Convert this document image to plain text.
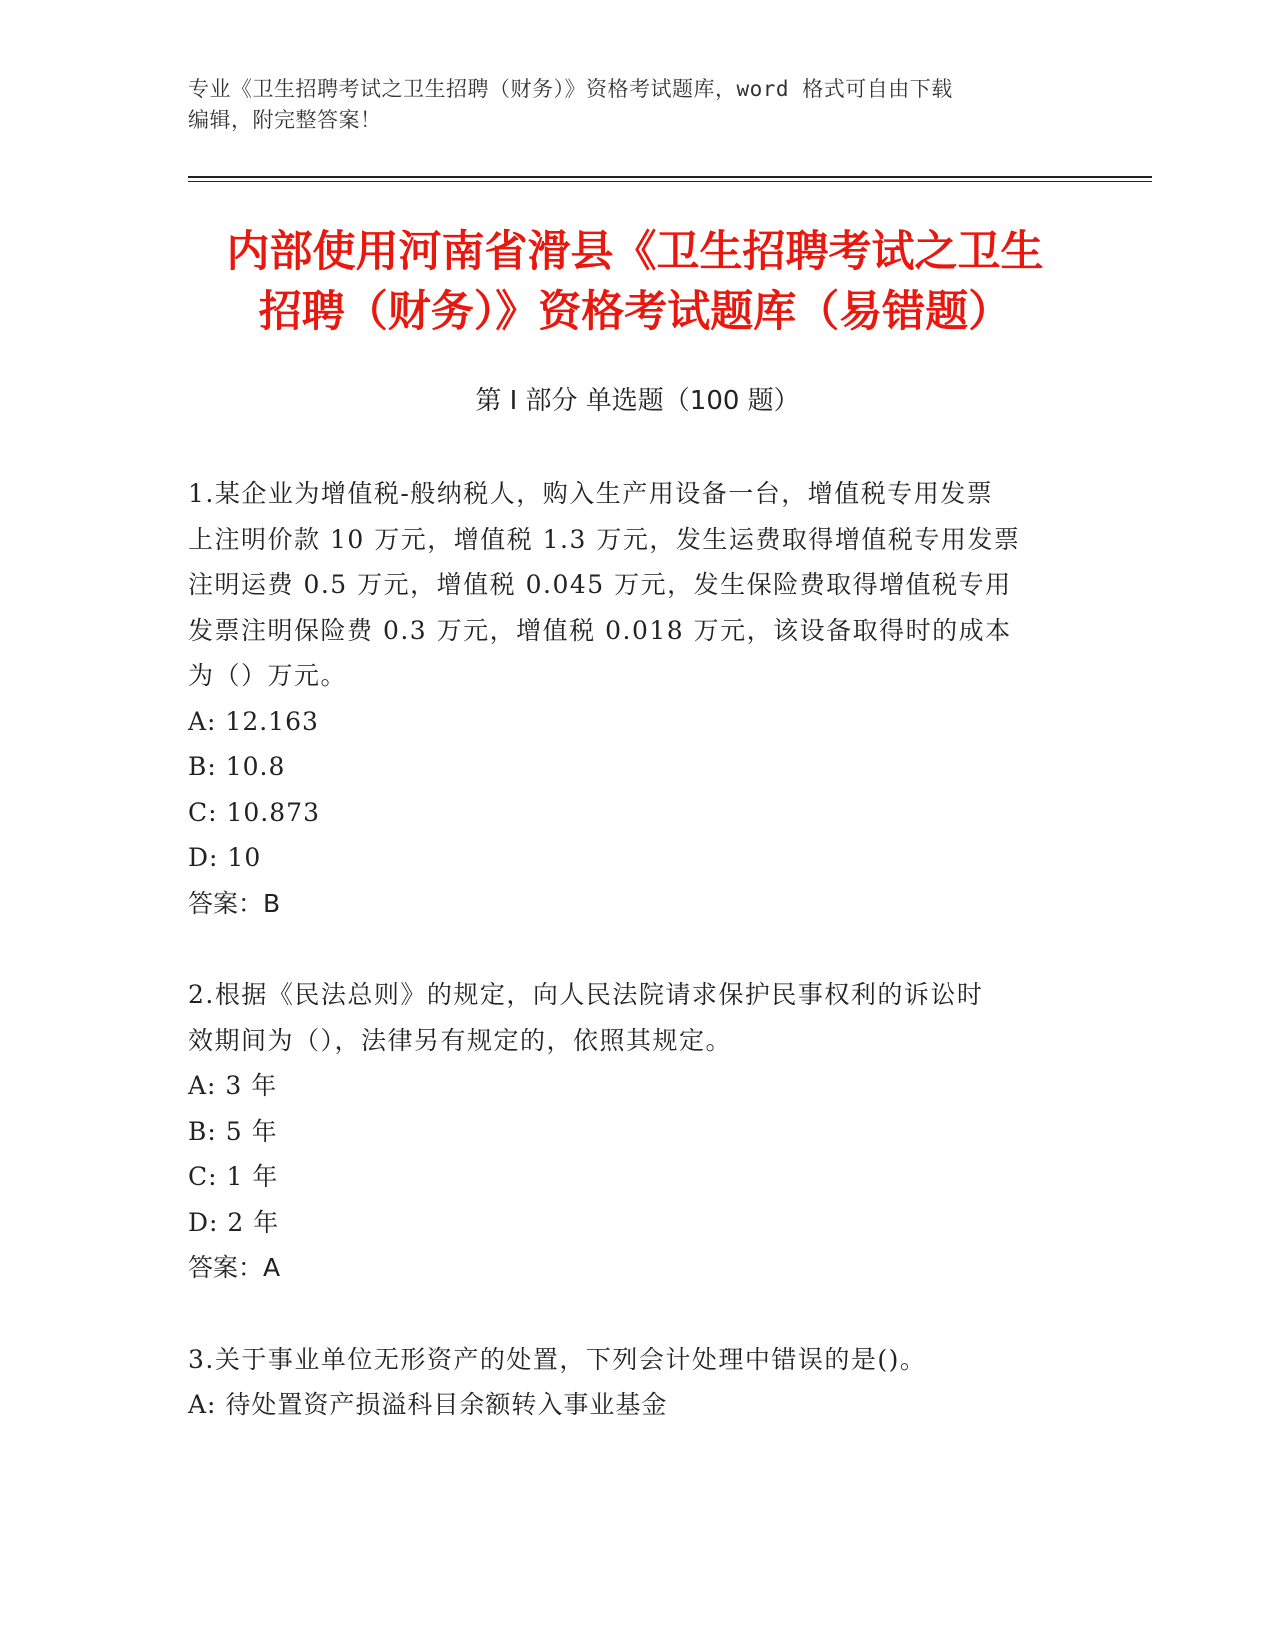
专业《卫生招聘考试之卫生招聘（财务）》资格考试题库，word 格式可自由下载
编辑，附完整答案！
内部使用河南省滑县《卫生招聘考试之卫生
招聘（财务）》资格考试题库（易错题）
第 I 部分 单选题（100 题）

1.某企业为增值税-般纳税人，购入生产用设备一台，增值税专用发票

上注明价款 10 万元，增值税 1.3 万元，发生运费取得增值税专用发票

注明运费 0.5 万元，增值税 0.045 万元，发生保险费取得增值税专用

发票注明保险费 0.3 万元，增值税 0.018 万元，该设备取得时的成本

为（）万元。

A: 12.163

B: 10.8

C: 10.873

D: 10

答案：B

2.根据《民法总则》的规定，向人民法院请求保护民事权利的诉讼时

效期间为（），法律另有规定的，依照其规定。

A: 3 年

B: 5 年

C: 1 年

D: 2 年

答案：A

3.关于事业单位无形资产的处置，下列会计处理中错误的是()。

A: 待处置资产损溢科目余额转入事业基金
